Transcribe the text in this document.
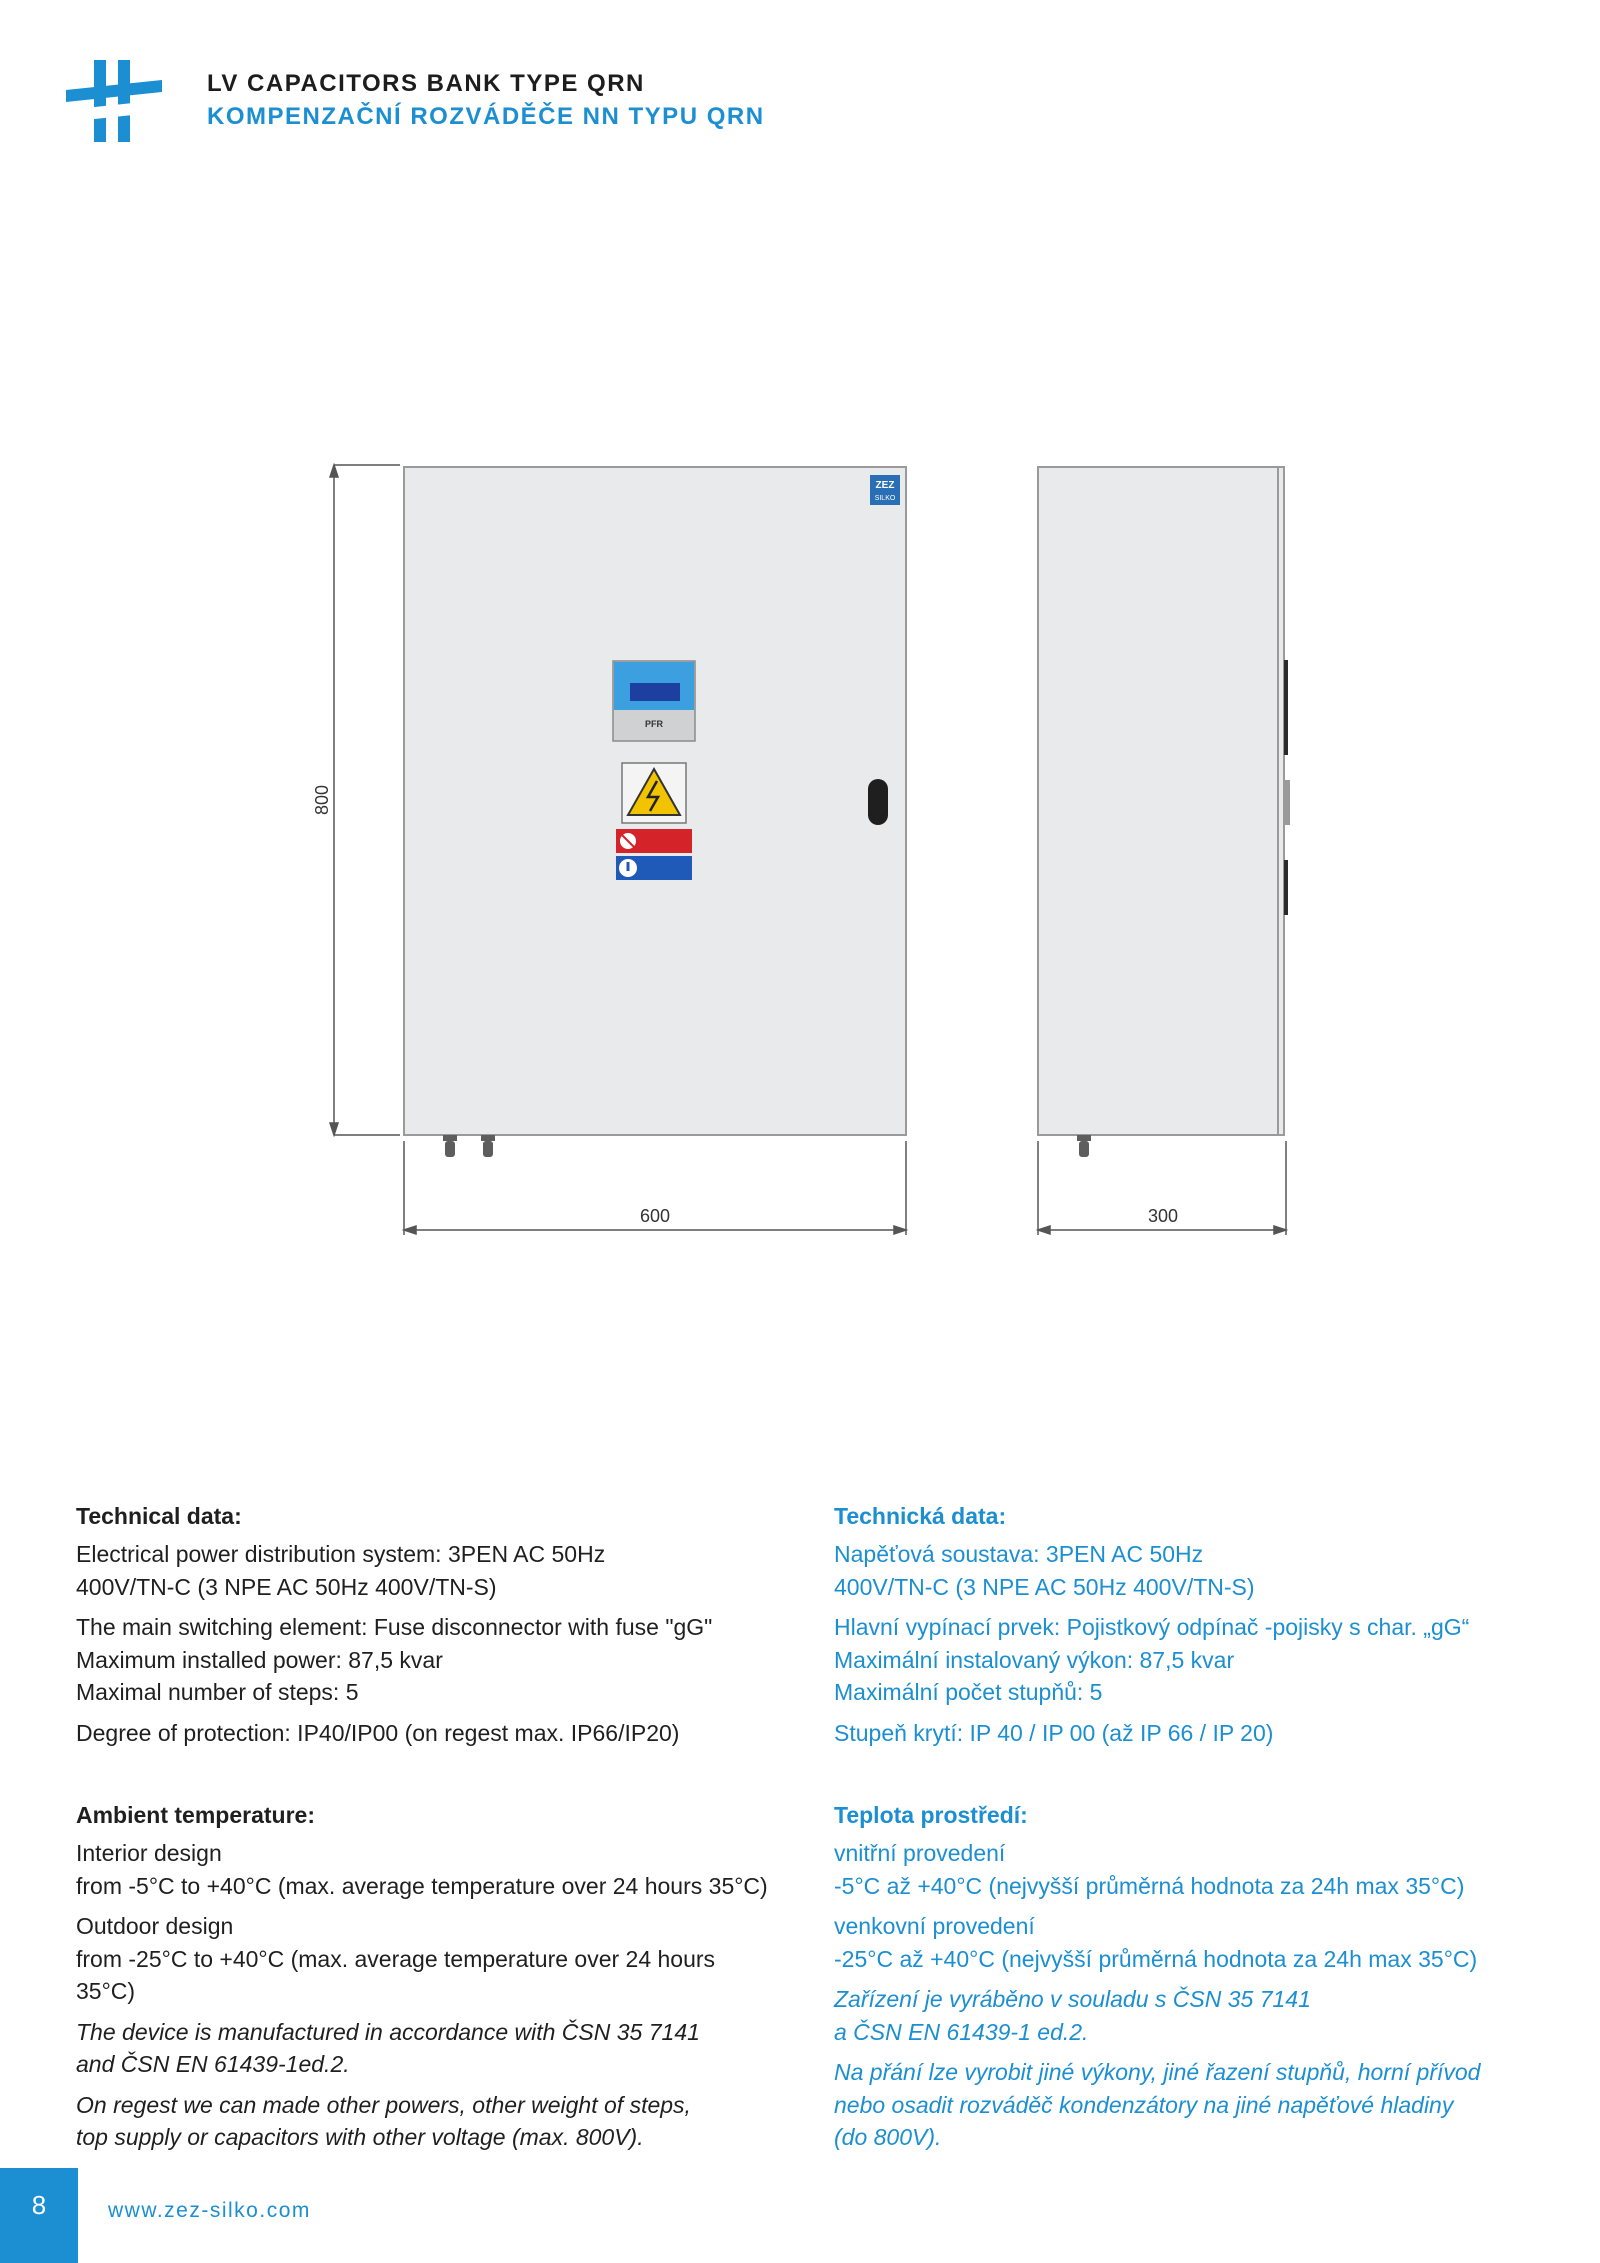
LV CAPACITORS BANK TYPE QRN
KOMPENZAČNÍ ROZVÁDĚČE NN TYPU QRN
800
ZEZ
SILKO
PFR
600	300
Technical data:

Electrical power distribution system: 3PEN AC 50Hz
400V/TN-C (3 NPE AC 50Hz 400V/TN-S)

The main switching element: Fuse disconnector with fuse "gG"
Maximum installed power: 87,5 kvar
Maximal number of steps: 5

Degree of protection: IP40/IP00 (on regest max. IP66/IP20)

Ambient temperature:

Interior design
from -5°C to +40°C (max. average temperature over 24 hours 35°C)

Outdoor design
from -25°C to +40°C (max. average temperature over 24 hours 35°C)

The device is manufactured in accordance with ČSN 35 7141
and ČSN EN 61439-1ed.2.

On regest we can made other powers, other weight of steps,
top supply or capacitors with other voltage (max. 800V).

Technická data:

Napěťová soustava: 3PEN AC 50Hz
400V/TN-C (3 NPE AC 50Hz 400V/TN-S)

Hlavní vypínací prvek: Pojistkový odpínač -pojisky s char. „gG“
Maximální instalovaný výkon: 87,5 kvar
Maximální počet stupňů: 5

Stupeň krytí: IP 40 / IP 00 (až IP 66 / IP 20)

Teplota prostředí:

vnitřní provedení
-5°C až +40°C (nejvyšší průměrná hodnota za 24h max 35°C)

venkovní provedení
-25°C až +40°C (nejvyšší průměrná hodnota za 24h max 35°C)

Zařízení je vyráběno v souladu s ČSN 35 7141
a ČSN EN 61439-1 ed.2.

Na přání lze vyrobit jiné výkony, jiné řazení stupňů, horní přívod
nebo osadit rozváděč kondenzátory na jiné napěťové hladiny
(do 800V).

8	www.zez-silko.com
